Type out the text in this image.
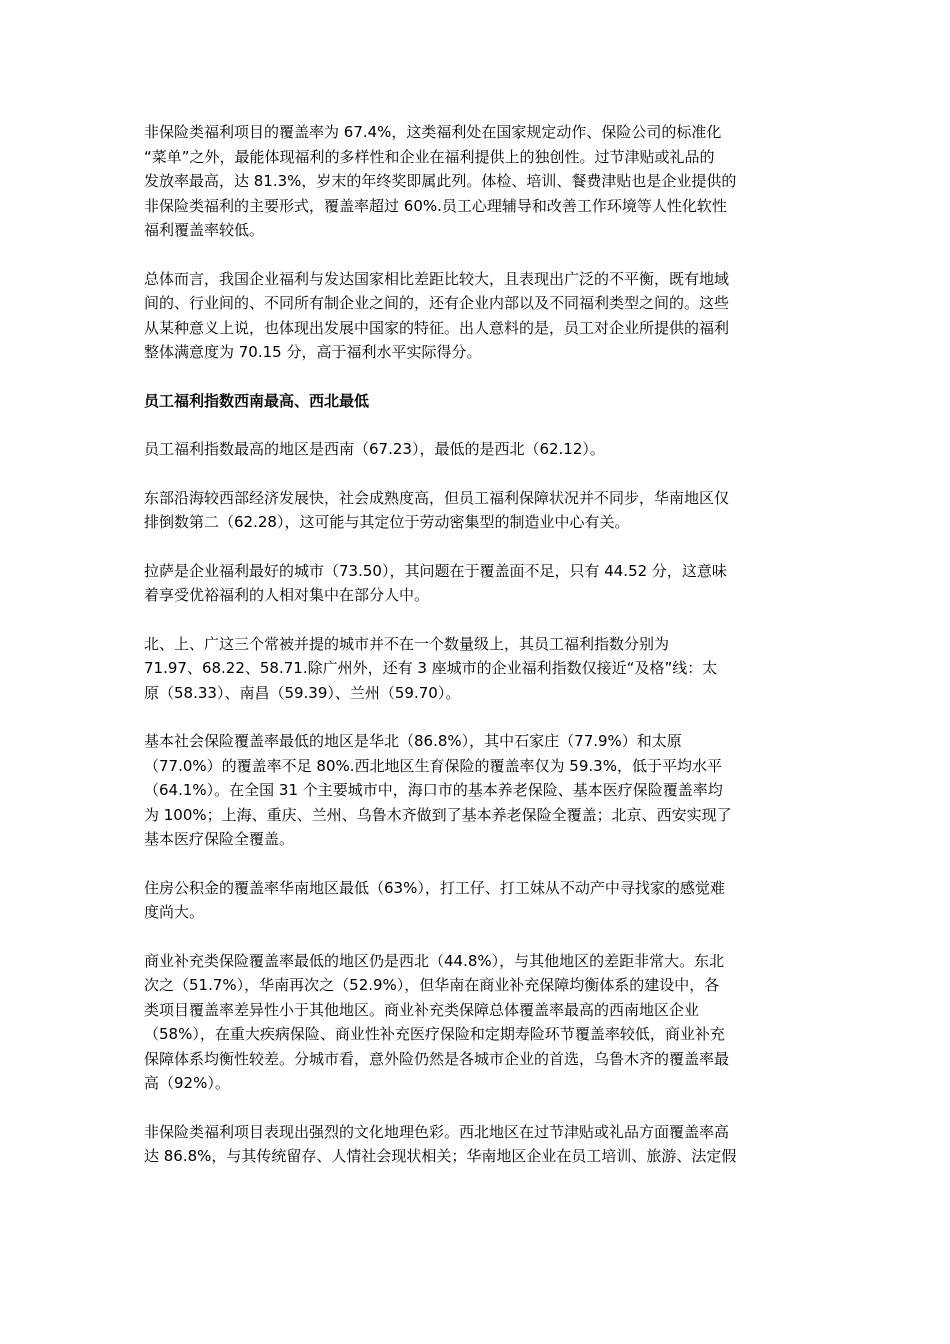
非保险类福利项目的覆盖率为 67.4%，这类福利处在国家规定动作、保险公司的标准化
“菜单”之外，最能体现福利的多样性和企业在福利提供上的独创性。过节津贴或礼品的
发放率最高，达 81.3%，岁末的年终奖即属此列。体检、培训、餐费津贴也是企业提供的
非保险类福利的主要形式，覆盖率超过 60%.员工心理辅导和改善工作环境等人性化软性
福利覆盖率较低。

总体而言，我国企业福利与发达国家相比差距比较大，且表现出广泛的不平衡，既有地域
间的、行业间的、不同所有制企业之间的，还有企业内部以及不同福利类型之间的。这些
从某种意义上说，也体现出发展中国家的特征。出人意料的是，员工对企业所提供的福利
整体满意度为 70.15 分，高于福利水平实际得分。

员工福利指数西南最高、西北最低

员工福利指数最高的地区是西南（67.23），最低的是西北（62.12）。

东部沿海较西部经济发展快，社会成熟度高，但员工福利保障状况并不同步，华南地区仅
排倒数第二（62.28），这可能与其定位于劳动密集型的制造业中心有关。

拉萨是企业福利最好的城市（73.50），其问题在于覆盖面不足，只有 44.52 分，这意味
着享受优裕福利的人相对集中在部分人中。

北、上、广这三个常被并提的城市并不在一个数量级上，其员工福利指数分别为
71.97、68.22、58.71.除广州外，还有 3 座城市的企业福利指数仅接近“及格”线：太
原（58.33）、南昌（59.39）、兰州（59.70）。

基本社会保险覆盖率最低的地区是华北（86.8%），其中石家庄（77.9%）和太原
（77.0%）的覆盖率不足 80%.西北地区生育保险的覆盖率仅为 59.3%，低于平均水平
（64.1%）。在全国 31 个主要城市中，海口市的基本养老保险、基本医疗保险覆盖率均
为 100%；上海、重庆、兰州、乌鲁木齐做到了基本养老保险全覆盖；北京、西安实现了
基本医疗保险全覆盖。

住房公积金的覆盖率华南地区最低（63%），打工仔、打工妹从不动产中寻找家的感觉难
度尚大。

商业补充类保险覆盖率最低的地区仍是西北（44.8%），与其他地区的差距非常大。东北
次之（51.7%），华南再次之（52.9%），但华南在商业补充保障均衡体系的建设中，各
类项目覆盖率差异性小于其他地区。商业补充类保障总体覆盖率最高的西南地区企业
（58%），在重大疾病保险、商业性补充医疗保险和定期寿险环节覆盖率较低，商业补充
保障体系均衡性较差。分城市看，意外险仍然是各城市企业的首选，乌鲁木齐的覆盖率最
高（92%）。

非保险类福利项目表现出强烈的文化地理色彩。西北地区在过节津贴或礼品方面覆盖率高
达 86.8%，与其传统留存、人情社会现状相关；华南地区企业在员工培训、旅游、法定假
